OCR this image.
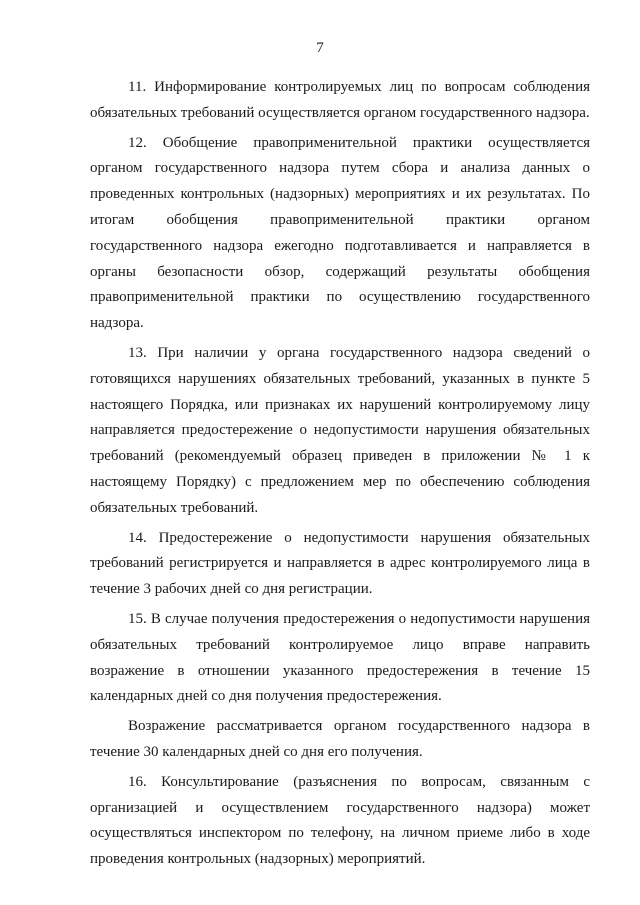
7

11. Информирование контролируемых лиц по вопросам соблюдения обязательных требований осуществляется органом государственного надзора.

12. Обобщение правоприменительной практики осуществляется органом государственного надзора путем сбора и анализа данных о проведенных контрольных (надзорных) мероприятиях и их результатах. По итогам обобщения правоприменительной практики органом государственного надзора ежегодно подготавливается и направляется в органы безопасности обзор, содержащий результаты обобщения правоприменительной практики по осуществлению государственного надзора.

13. При наличии у органа государственного надзора сведений о готовящихся нарушениях обязательных требований, указанных в пункте 5 настоящего Порядка, или признаках их нарушений контролируемому лицу направляется предостережение о недопустимости нарушения обязательных требований (рекомендуемый образец приведен в приложении № 1 к настоящему Порядку) с предложением мер по обеспечению соблюдения обязательных требований.

14. Предостережение о недопустимости нарушения обязательных требований регистрируется и направляется в адрес контролируемого лица в течение 3 рабочих дней со дня регистрации.

15. В случае получения предостережения о недопустимости нарушения обязательных требований контролируемое лицо вправе направить возражение в отношении указанного предостережения в течение 15 календарных дней со дня получения предостережения.

Возражение рассматривается органом государственного надзора в течение 30 календарных дней со дня его получения.

16. Консультирование (разъяснения по вопросам, связанным с организацией и осуществлением государственного надзора) может осуществляться инспектором по телефону, на личном приеме либо в ходе проведения контрольных (надзорных) мероприятий.
